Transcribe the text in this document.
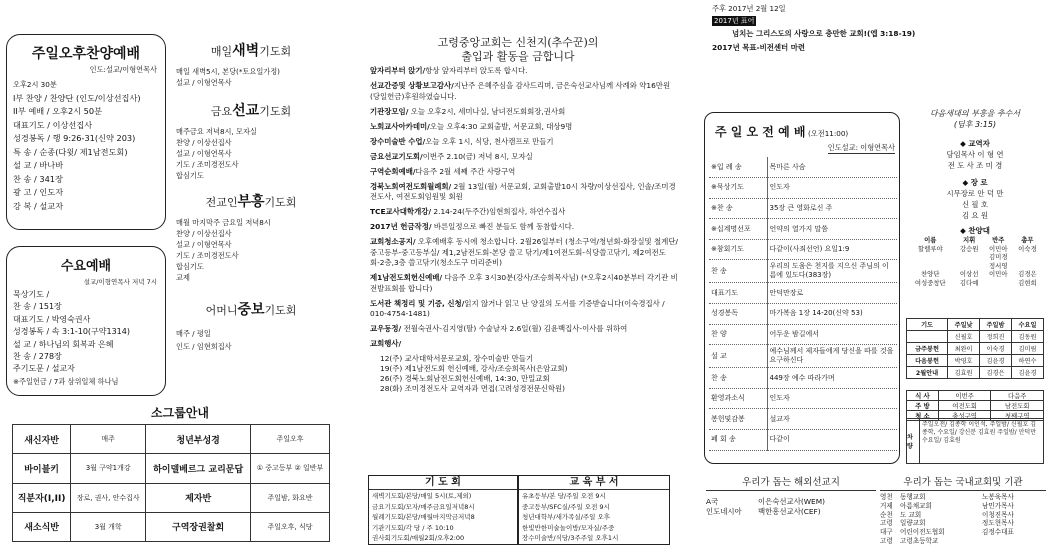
주일오후찬양예배
인도:설교/이형연목사
오후2시 30분
I부 찬양 / 찬양단 (인도/이상선집사)
II부 예배 / 오후2시 50분
대표기도 / 이상선집사
성경봉독 / 행 9:26-31(신약 203)
특 송 / 순종(다윗/ 제1남전도회)
설 교 / 바나바
찬 송 / 341장
광 고 / 인도자
강 복 / 설교자
수요예배
설교/이형연목사 저녁 7시
묵상기도 /
찬 송 / 151장
대표기도 / 박영숙권사
성경봉독 / 속 3:1-10(구약1314)
설 교 / 하나님의 회복과 은혜
찬 송 / 278장
주기도문 / 설교자
※주일헌금 / 7과 삼위일체 하나님
매일새벽기도회
매일 새벽5시, 본당(*토요일가정)
설교 / 이형연목사
금요선교기도회
매주금요 저녁8시, 모자실
찬양 / 이상선집사
설교 / 이형연목사
기도 / 조미경전도사
합심기도
전교인부흥기도회
매월 마지막주 금요일 저녁8시
찬양 / 이상선집사
설교 / 이형연목사
기도 / 조미경전도사
합심기도
교제
어머니중보기도회
매주 / 평일
인도 / 임현희집사
소그룹안내
새신자반	매주	청년부성경	주일오후
바이블키	3월 구약1개강	하이델베르그 교리문답	① 중고등부 ② 일반부
직분자(I,II)	장로, 권사, 안수집사	제자반	주일밤, 화요반
새소식반	3월 개학	구역장권찰회	주일오후, 식당
고령중앙교회는 신천지(추수꾼)의
출입과 활동을 금합니다
앞자리부터 앉기/항상 앞자리부터 앉도록 합시다.
선교간증및 상황보고감사/지난주 은혜주심을 감사드리며, 금은숙선교사님께 사례와 약16만원(당일헌금)후원하였습니다.
기관장모임/ 오늘 오후2시, 세미나실, 남녀전도회회장,권사회
노회교사아카데미/오늘 오후4:30 교회출발, 서문교회, 대상9명
장수미술반 수업/오늘 오후 1시, 식당, 천사캠프로 만들기
금요선교기도회/이번주 2.10(금) 저녁 8시, 모자실
구역순회예배/다음주 2월 세째 주간 사랑구역
경북노회여전도회월례회/ 2월 13일(월) 서문교회, 교회출발10시 차량/이상선집사, 인솔/조미경전도사, 여전도회임원및 회원
TCE교사대학개강/ 2.14-24(두주간)임현희집사, 하연수집사
2017년 헌금작정/ 바른일정으로 빠진 분들도 함께 동참합시다.
교회청소공지/ 오후예배후 동시에 청소합니다. 2월26일부터 (청소구역/청년회-화장실및 철계단/중고등부-중고등부실/ 제1,2남전도회-본당 쓸고 닦기/제1여전도회-식당쓸고닦기, 제2여전도회-2층,3층 쓸고닦기(청소도구 미리준비)
제1남전도회헌신예배/ 다음주 오후 3시30분(강사/조승희목사님) (*오후2시40분부터 각기관 비전발표회를 합니다)
도서관 책정리 및 기증, 신청/읽지 않거나 읽고 난 양질의 도서를 기증받습니다(이숙경집사 / 010-4754-1481)
교우동정/ 전월숙권사-김지영(딸) 수술날자 2.6일(월) 김윤백집사-이사를 위하여
교회행사/
12(주) 교사대학서문로교회, 장수미술반 만들기
19(주) 제1남전도회 헌신예배, 강사/조승희목사(은암교회)
26(주) 경북노회남전도회헌신예배, 14:30, 만밀교회
28(화) 조미경전도사 교역자과 면접(고려성경전문신학원)
기 도 회
새벽기도회/본당/매일 5시(토,제외)
금요기도회/모자/매주금요일저녁8시
월례기도회/본당/매월마지막금저녁8
기관기도회/각 당 / 주 10:10
권사회기도회/매월2회/오후2:00
교 육 부 서
유초등부/본 당/주일 오전 9시
중고등부/SFC실/주일 오전 9시
청년대학부/새가족실/주일 오후
한빛반한미술놀이방/모자실/주중
장수미술반/식당/3주주일 오후1시
주후 2017년 2월 12일
2017년 표어
넘치는 그리스도의 사랑으로 충만한 교회!(엡 3:18-19)
2017년 목표-비전센터 마련
주 일 오 전 예 배 (오전11:00)
인도설교: 이형연목사
※입 례 송	목마른 사슴
※묵상기도	인도자
※찬 송	35장 큰 영화로신 주
※십계명선포	언약의 열가지 말씀
※참회기도	다같이(사죄선언) 요일1:9
찬 송	우리의 도움은 천지를 지으신 주님의 이름에 있도다(383장)
대표기도	안덕만장로
성경봉독	마가복음 1장 14-20(신약 53)
찬 양	어두운 밤길에서
설 교	예수님께서 제자들에게 당신을 따를 것을 요구하신다
찬 송	449장 예수 따라가며
환영과소식	인도자
봉헌및감봉	설교자
폐 회 송	다같이
다음세대의 부흥을 추수서
(딤후 3:15)
◆ 교역자
담임목사 이 형 연
전 도 사 조 미 경
◆ 장 로
시무장로 안 덕 만
신 필 호
김 요 원
◆ 찬양대
이름	지휘	반주	총무
할렐루야	강승원	이민아	이숙경
		김미경	
		정서영	
찬양단	이상선	이민아	김경은
여성중창단	김다예		김현희
기도	주일낮	주일밤	수요일
	신필호	정희진	김동원
금주봉헌	최완이	이숙경	김미림
다음봉헌	박영호	김윤경	하연수
2월안내	김효원	김경은	김윤경
식 사	이번주	다음주
주 방	여전도회	남전도회
청 소	충성구역	첫째구역
차 량
주일오전/ 김종학 이인석, 주일밤/ 신필호 김종학, 수요일/ 강신분 김효원 주일밤/ 안덕만 수요일/ 김효원
우리가 돕는 해외선교지
A국	이은숙선교사(WEM)
인도네시아	백한흥선교사(CEF)
우리가 돕는 국내교회및 기관
영천	동행교회	노봉육목사
거제	아름채교회	남민가목사
순천	도 교회	이청진목사
고령	일량교회	정도현목사
대구	어린이전도협회	김정수대표
고령	고령초등학교
